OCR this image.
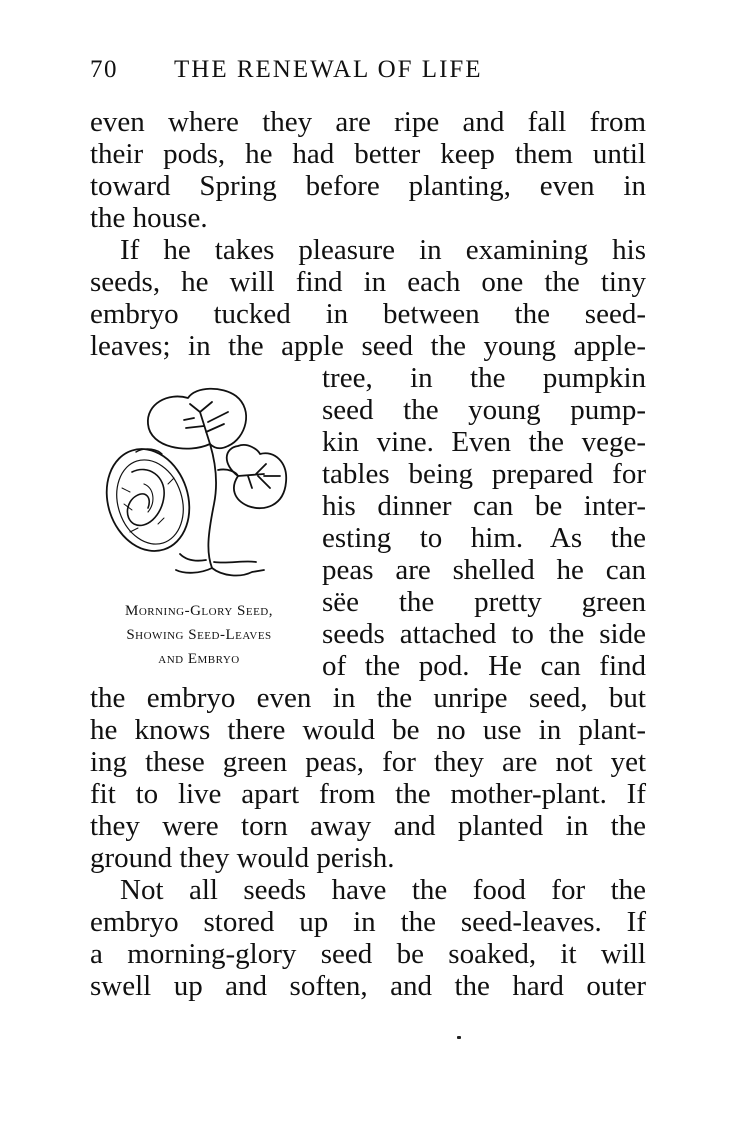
70 THE RENEWAL OF LIFE
even where they are ripe and fall from
their pods, he had better keep them until
toward Spring before planting, even in
the house.
If he takes pleasure in examining his
seeds, he will find in each one the tiny
embryo tucked in between the seed-
leaves; in the apple seed the young apple-
tree, in the pumpkin
seed the young pump-
kin vine. Even the vege-
tables being prepared for
his dinner can be inter-
esting to him. As the
peas are shelled he can
sëe the pretty green
seeds attached to the side
of the pod. He can find
Morning-Glory Seed,
Showing Seed-Leaves
and Embryo
the embryo even in the unripe seed, but
he knows there would be no use in plant-
ing these green peas, for they are not yet
fit to live apart from the mother-plant. If
they were torn away and planted in the
ground they would perish.
Not all seeds have the food for the
embryo stored up in the seed-leaves. If
a morning-glory seed be soaked, it will
swell up and soften, and the hard outer
